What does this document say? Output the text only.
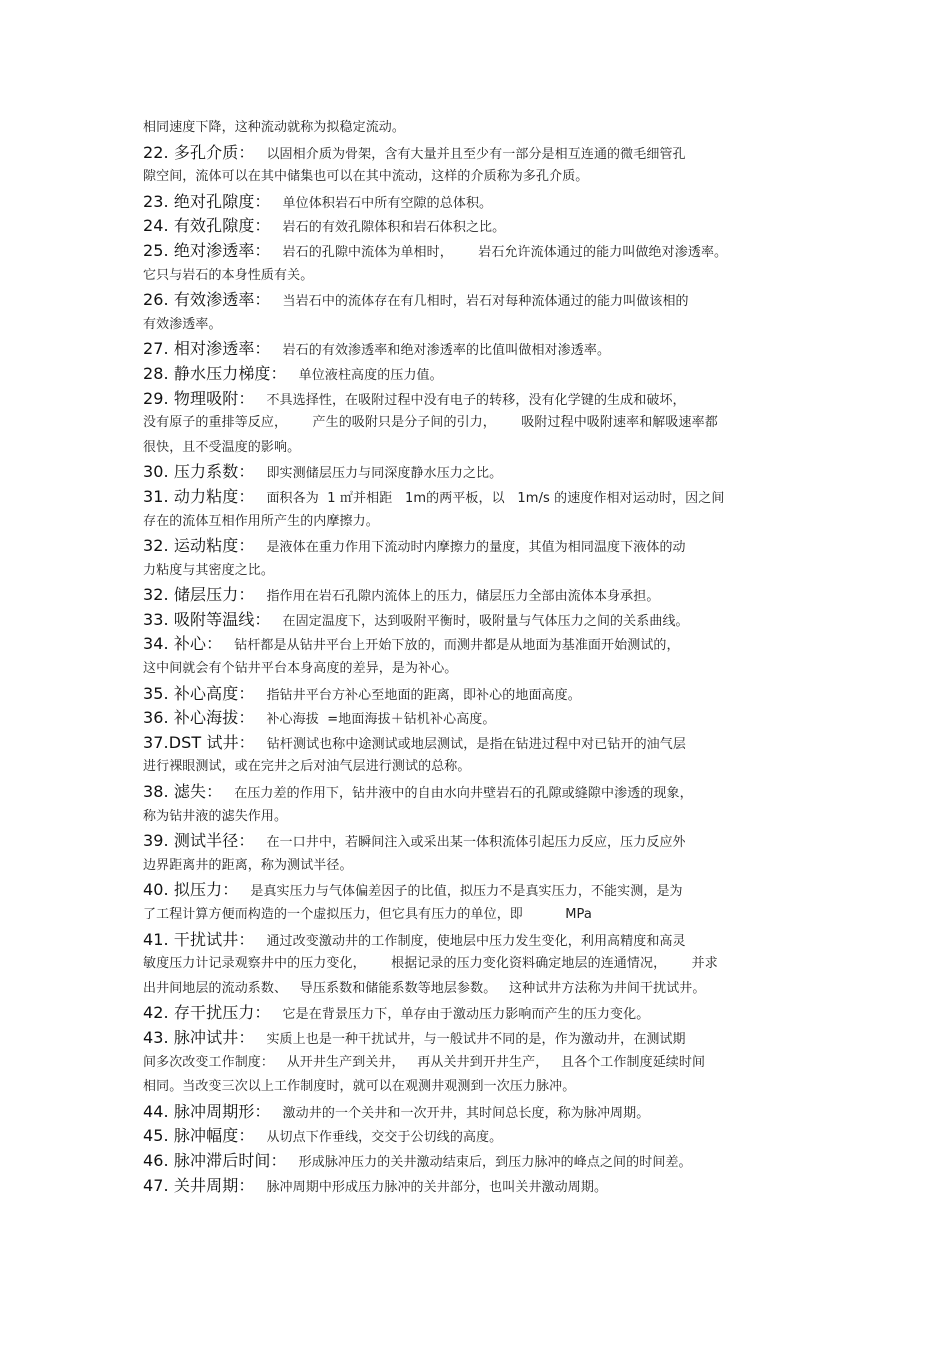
相同速度下降，这种流动就称为拟稳定流动。
22. 多孔介质： 以固相介质为骨架，含有大量并且至少有一部分是相互连通的微毛细管孔
隙空间，流体可以在其中储集也可以在其中流动，这样的介质称为多孔介质。
23. 绝对孔隙度： 单位体积岩石中所有空隙的总体积。
24. 有效孔隙度： 岩石的有效孔隙体积和岩石体积之比。
25. 绝对渗透率： 岩石的孔隙中流体为单相时，      岩石允许流体通过的能力叫做绝对渗透率。
它只与岩石的本身性质有关。
26. 有效渗透率： 当岩石中的流体存在有几相时，岩石对每种流体通过的能力叫做该相的
有效渗透率。
27. 相对渗透率： 岩石的有效渗透率和绝对渗透率的比值叫做相对渗透率。
28. 静水压力梯度： 单位液柱高度的压力值。
29. 物理吸附： 不具选择性，在吸附过程中没有电子的转移，没有化学键的生成和破坏，
没有原子的重排等反应，      产生的吸附只是分子间的引力，      吸附过程中吸附速率和解吸速率都
很快，且不受温度的影响。
30. 压力系数： 即实测储层压力与同深度静水压力之比。
31. 动力粘度： 面积各为  1 ㎡并相距   1m的两平板，以   1m/s 的速度作相对运动时，因之间
存在的流体互相作用所产生的内摩擦力。
32. 运动粘度： 是液体在重力作用下流动时内摩擦力的量度，其值为相同温度下液体的动
力粘度与其密度之比。
32. 储层压力： 指作用在岩石孔隙内流体上的压力，储层压力全部由流体本身承担。
33. 吸附等温线： 在固定温度下，达到吸附平衡时，吸附量与气体压力之间的关系曲线。
34. 补心： 钻杆都是从钻井平台上开始下放的，而测井都是从地面为基准面开始测试的，
这中间就会有个钻井平台本身高度的差异，是为补心。
35. 补心高度： 指钻井平台方补心至地面的距离，即补心的地面高度。
36. 补心海拔： 补心海拔  =地面海拔＋钻机补心高度。
37.DST 试井： 钻杆测试也称中途测试或地层测试，是指在钻进过程中对已钻开的油气层
进行裸眼测试，或在完井之后对油气层进行测试的总称。
38. 滤失： 在压力差的作用下，钻井液中的自由水向井壁岩石的孔隙或缝隙中渗透的现象，
称为钻井液的滤失作用。
39. 测试半径： 在一口井中，若瞬间注入或采出某一体积流体引起压力反应，压力反应外
边界距离井的距离，称为测试半径。
40. 拟压力： 是真实压力与气体偏差因子的比值，拟压力不是真实压力，不能实测，是为
了工程计算方便而构造的一个虚拟压力，但它具有压力的单位，即          MPa
41. 干扰试井： 通过改变激动井的工作制度，使地层中压力发生变化，利用高精度和高灵
敏度压力计记录观察井中的压力变化，      根据记录的压力变化资料确定地层的连通情况，      并求
出井间地层的流动系数、   导压系数和储能系数等地层参数。   这种试井方法称为井间干扰试井。
42. 存干扰压力： 它是在背景压力下，单存由于激动压力影响而产生的压力变化。
43. 脉冲试井： 实质上也是一种干扰试井，与一般试井不同的是，作为激动井，在测试期
间多次改变工作制度：   从开井生产到关井，   再从关井到开井生产，   且各个工作制度延续时间
相同。当改变三次以上工作制度时，就可以在观测井观测到一次压力脉冲。
44. 脉冲周期形： 激动井的一个关井和一次开井，其时间总长度，称为脉冲周期。
45. 脉冲幅度： 从切点下作垂线，交交于公切线的高度。
46. 脉冲滞后时间： 形成脉冲压力的关井激动结束后，到压力脉冲的峰点之间的时间差。
47. 关井周期： 脉冲周期中形成压力脉冲的关井部分，也叫关井激动周期。
